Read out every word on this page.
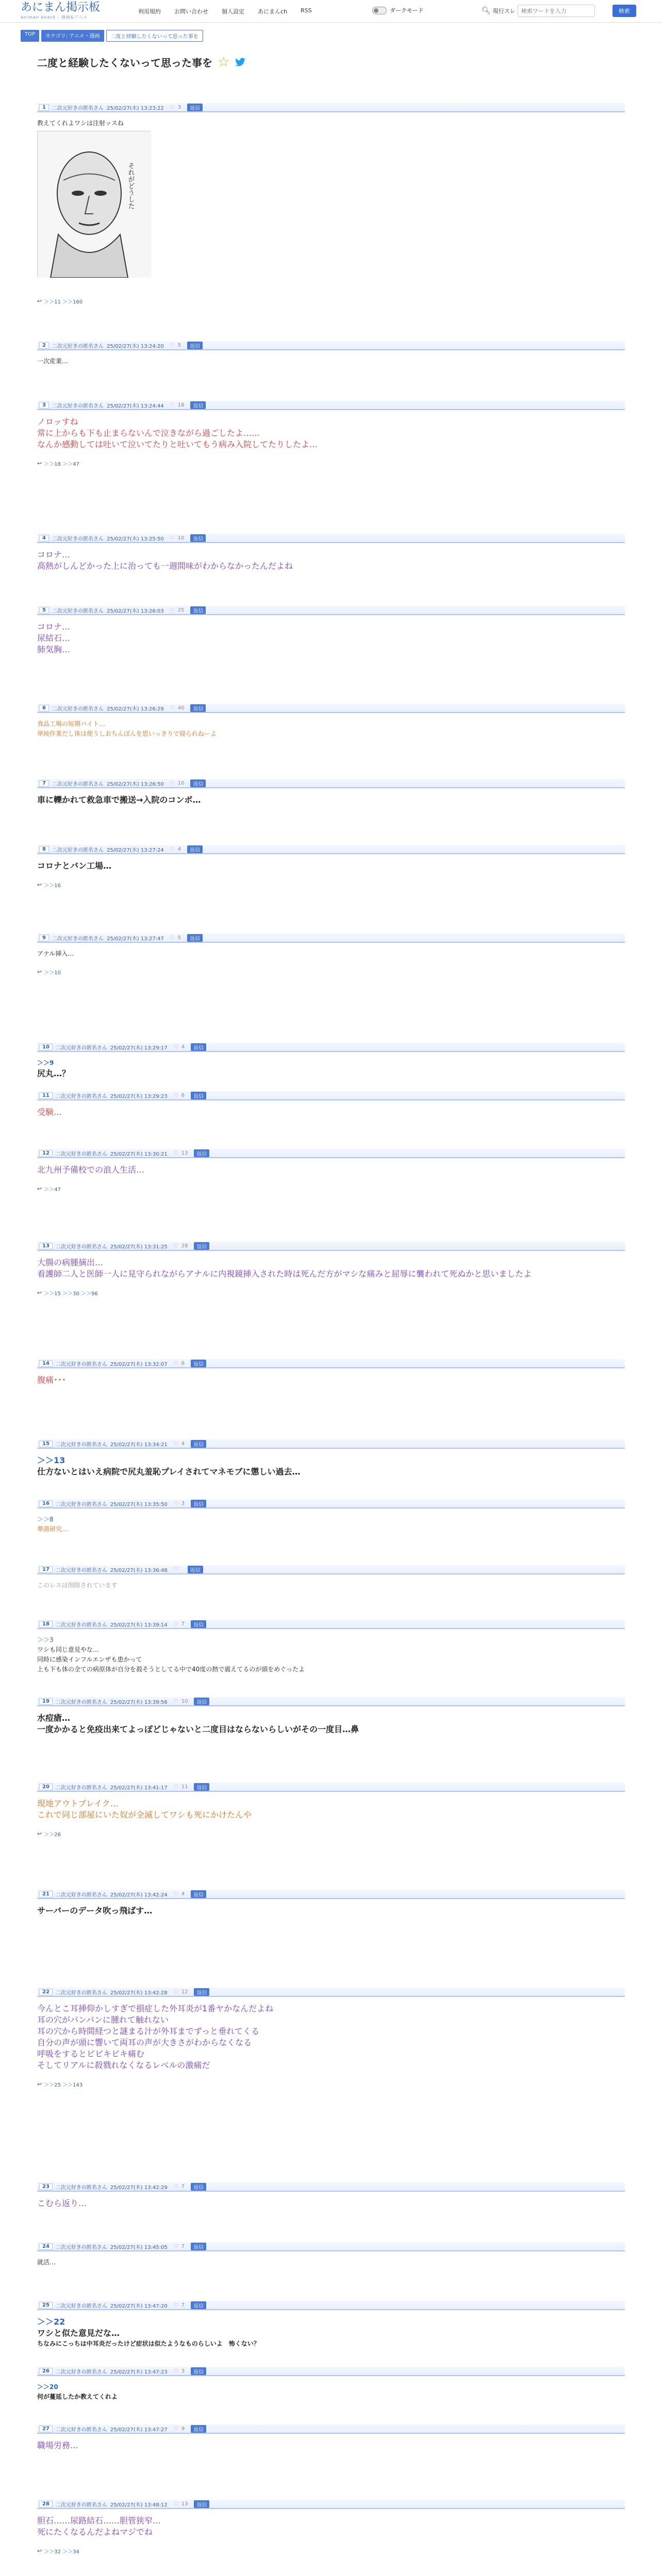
あにまん掲示板
animan board - 漫画&アニメ
利用規約 お問い合わせ 個人設定 あにまんch RSS	ダークモード	🔍︎ 現行スレ
検索ワードを入力	検索
TOP	カテゴリ: アニメ・漫画	二度と経験したくないって思った事を
二度と経験したくないって思った事を ☆
それがどうした
1	二次元好きの匿名さん 25/02/27(木) 13:23:22 ♡ 3	返信
教えてくれよワシは注射ッスね
↩ ＞＞11 ＞＞160
2	二次元好きの匿名さん 25/02/27(木) 13:24:20 ♡ 5	返信
一次産業…
3	二次元好きの匿名さん 25/02/27(木) 13:24:44 ♡ 18	返信
ノロッすね
常に上からも下も止まらないんで泣きながら過ごしたよ……
なんか感動しては吐いて泣いてたりと吐いてもう病み入院してたりしたよ…
↩ ＞＞18 ＞＞47
4	二次元好きの匿名さん 25/02/27(木) 13:25:50 ♡ 10	返信
コロナ…
高熱がしんどかった上に治っても一週間味がわからなかったんだよね
5	二次元好きの匿名さん 25/02/27(木) 13:26:03 ♡ 25	返信
コロナ…
尿結石…
肺気胸…
6	二次元好きの匿名さん 25/02/27(木) 13:26:29 ♡ 40	返信
食品工場の短期バイト…
単純作業だし体は使うしおちんぽんを思いっきりで寝られねーよ
7	二次元好きの匿名さん 25/02/27(木) 13:26:50 ♡ 10	返信
車に轢かれて救急車で搬送→入院のコンボ…
8	二次元好きの匿名さん 25/02/27(木) 13:27:24 ♡ 4	返信
コロナとバン工場…
↩ ＞＞16
9	二次元好きの匿名さん 25/02/27(木) 13:27:47 ♡ 5	返信
アナル挿入…
↩ ＞＞10
10	二次元好きの匿名さん 25/02/27(木) 13:29:17 ♡ 4	返信
＞＞9
尻丸…？
11	二次元好きの匿名さん 25/02/27(木) 13:29:23 ♡ 6	返信
受験…
12	二次元好きの匿名さん 25/02/27(木) 13:30:21 ♡ 13	返信
北九州予備校での浪人生活…
↩ ＞＞47
13	二次元好きの匿名さん 25/02/27(木) 13:31:25 ♡ 28	返信
大腸の病腫摘出…
看護師二人と医師一人に見守られながらアナルに内視鏡挿入された時は死んだ方がマシな痛みと屈辱に襲われて死ぬかと思いましたよ
↩ ＞＞15 ＞＞30 ＞＞96
14	二次元好きの匿名さん 25/02/27(木) 13:32:07 ♡ 6	返信
腹痛･･･
15	二次元好きの匿名さん 25/02/27(木) 13:34:21 ♡ 4	返信
＞＞13
仕方ないとはいえ病院で尻丸羞恥プレイされてマネモブに懲しい過去…
16	二次元好きの匿名さん 25/02/27(木) 13:35:50 ♡ 3	返信
＞＞8
華菌研究…
17	二次元好きの匿名さん 25/02/27(木) 13:36:48 ♡	返信
このレスは削除されています
18	二次元好きの匿名さん 25/02/27(木) 13:39:14 ♡ 7	返信
＞＞3
ワシも同じ意見やな…
同時に感染インフルエンザも患かって
上も下も体の全ての病原体が自分を殺そうとしてる中で40度の熱で震えてるのが頭をめぐったよ
19	二次元好きの匿名さん 25/02/27(木) 13:39:56 ♡ 10	返信
水痘瘡…
一度かかると免疫出来てよっぽどじゃないと二度目はならないらしいがその一度目…鼻
20	二次元好きの匿名さん 25/02/27(木) 13:41:17 ♡ 11	返信
現地アウトブレイク…
これで同じ部屋にいた奴が全滅してワシも死にかけたんや
↩ ＞＞26
21	二次元好きの匿名さん 25/02/27(木) 13:42:24 ♡ 4	返信
サーバーのデータ吹っ飛ばす…
22	二次元好きの匿名さん 25/02/27(木) 13:42:28 ♡ 12	返信
今んとこ耳挿仰かしすぎで損症した外耳炎が1番ヤかなんだよね
耳の穴がパンパンに腫れて触れない
耳の穴から時間経つと謎まる汁が外耳までずっと垂れてくる
自分の声が頭に響いて両耳の声が大きさがわからなくなる
呼吸をするとピビキビキ痛む
そしてリアルに殺戮れなくなるレベルの激痛だ
↩ ＞＞25 ＞＞143
23	二次元好きの匿名さん 25/02/27(木) 13:42:29 ♡ 7	返信
こむら返り…
24	二次元好きの匿名さん 25/02/27(木) 13:45:05 ♡ 7	返信
就活…
25	二次元好きの匿名さん 25/02/27(木) 13:47:20 ♡ 7	返信
＞＞22
ワシと似た意見だな…
ちなみにこっちは中耳炎だったけど症状は似たようなものらしいよ　怖くない？
26	二次元好きの匿名さん 25/02/27(木) 13:47:23 ♡ 3	返信
＞＞20
何が蔓延したか教えてくれよ
27	二次元好きの匿名さん 25/02/27(木) 13:47:27 ♡ 9	返信
職場労務…
28	二次元好きの匿名さん 25/02/27(木) 13:48:12 ♡ 13	返信
胆石……尿路結石……胆管狭窄…
死にたくなるんだよねマジでね
↩ ＞＞32 ＞＞34
